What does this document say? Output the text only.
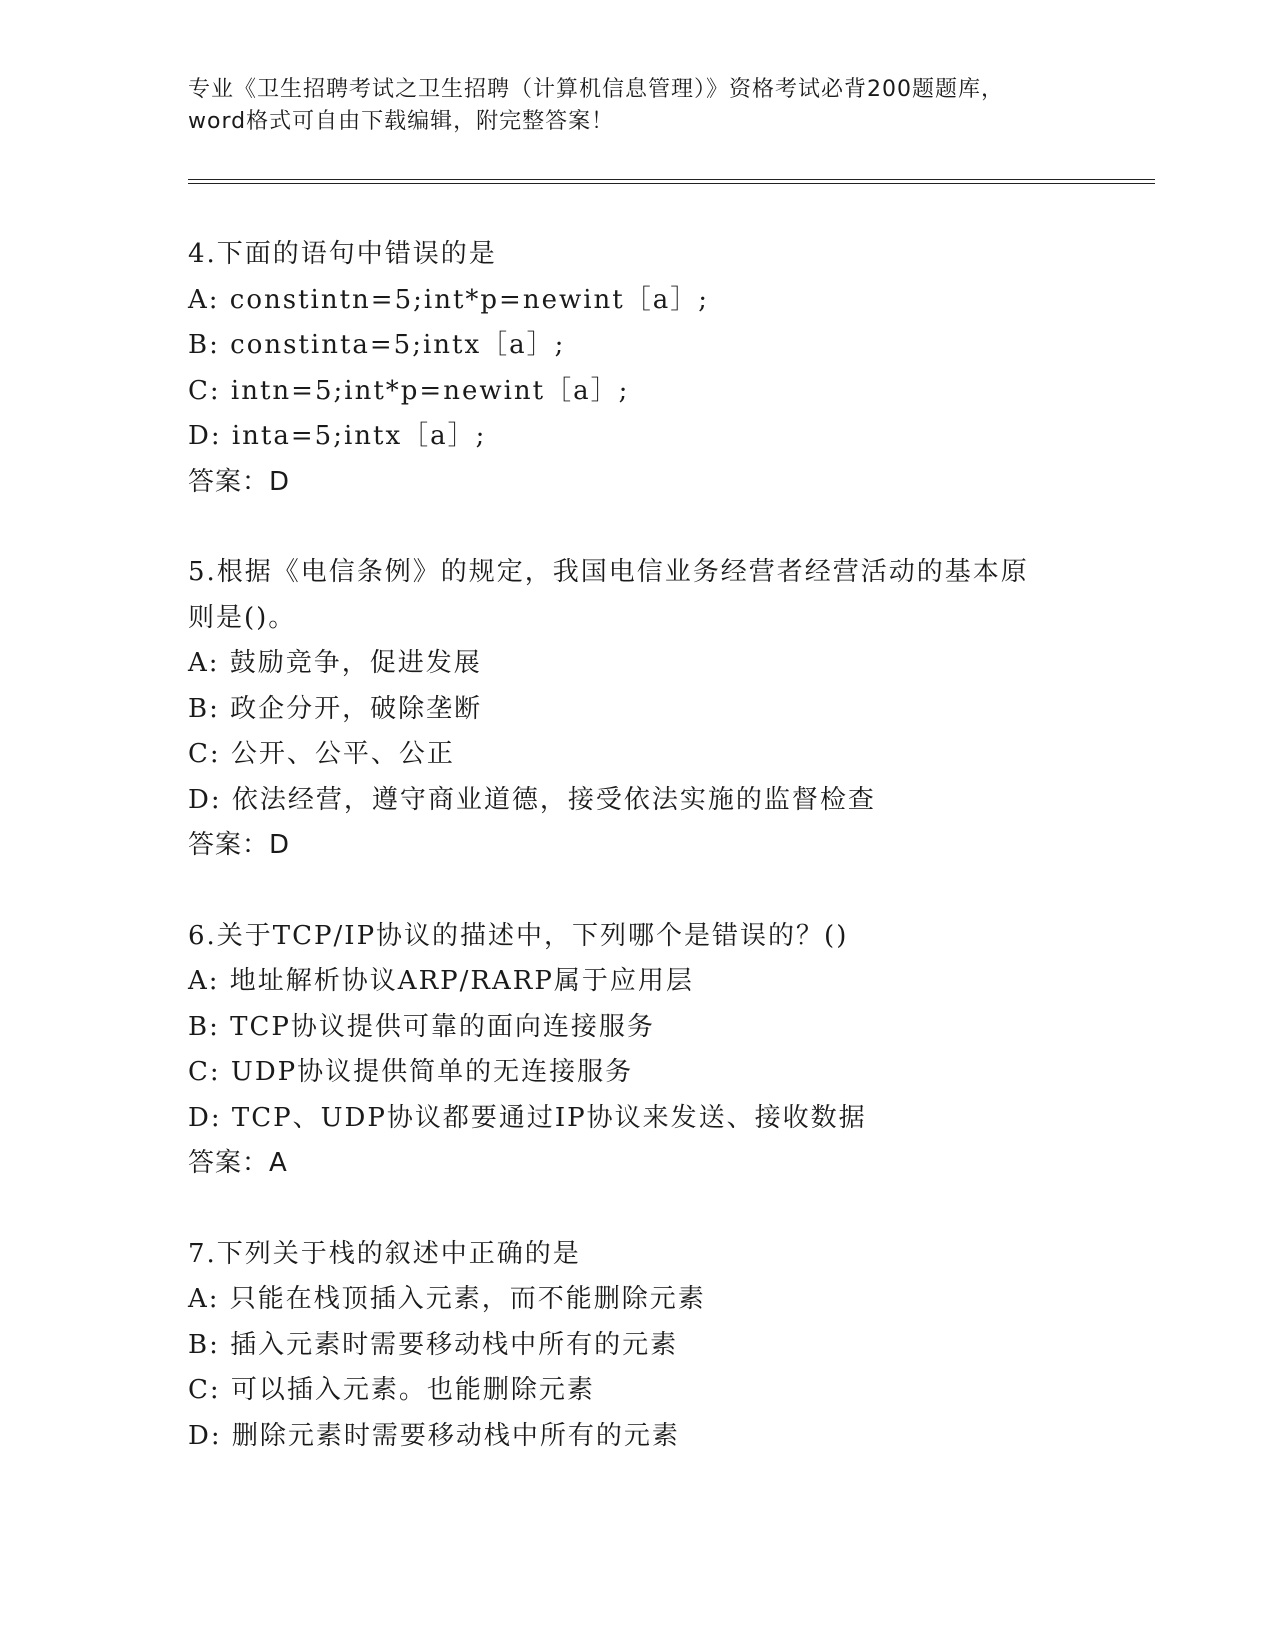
专业《卫生招聘考试之卫生招聘（计算机信息管理）》资格考试必背200题题库，
word格式可自由下载编辑，附完整答案！
4.下面的语句中错误的是
A: constintn=5;int*p=newint［a］;
B: constinta=5;intx［a］;
C: intn=5;int*p=newint［a］;
D: inta=5;intx［a］;
答案：D
5.根据《电信条例》的规定，我国电信业务经营者经营活动的基本原
则是()。
A: 鼓励竞争，促进发展
B: 政企分开，破除垄断
C: 公开、公平、公正
D: 依法经营，遵守商业道德，接受依法实施的监督检查
答案：D
6.关于TCP/IP协议的描述中，下列哪个是错误的？()
A: 地址解析协议ARP/RARP属于应用层
B: TCP协议提供可靠的面向连接服务
C: UDP协议提供简单的无连接服务
D: TCP、UDP协议都要通过IP协议来发送、接收数据
答案：A
7.下列关于栈的叙述中正确的是
A: 只能在栈顶插入元素，而不能删除元素
B: 插入元素时需要移动栈中所有的元素
C: 可以插入元素。也能删除元素
D: 删除元素时需要移动栈中所有的元素
